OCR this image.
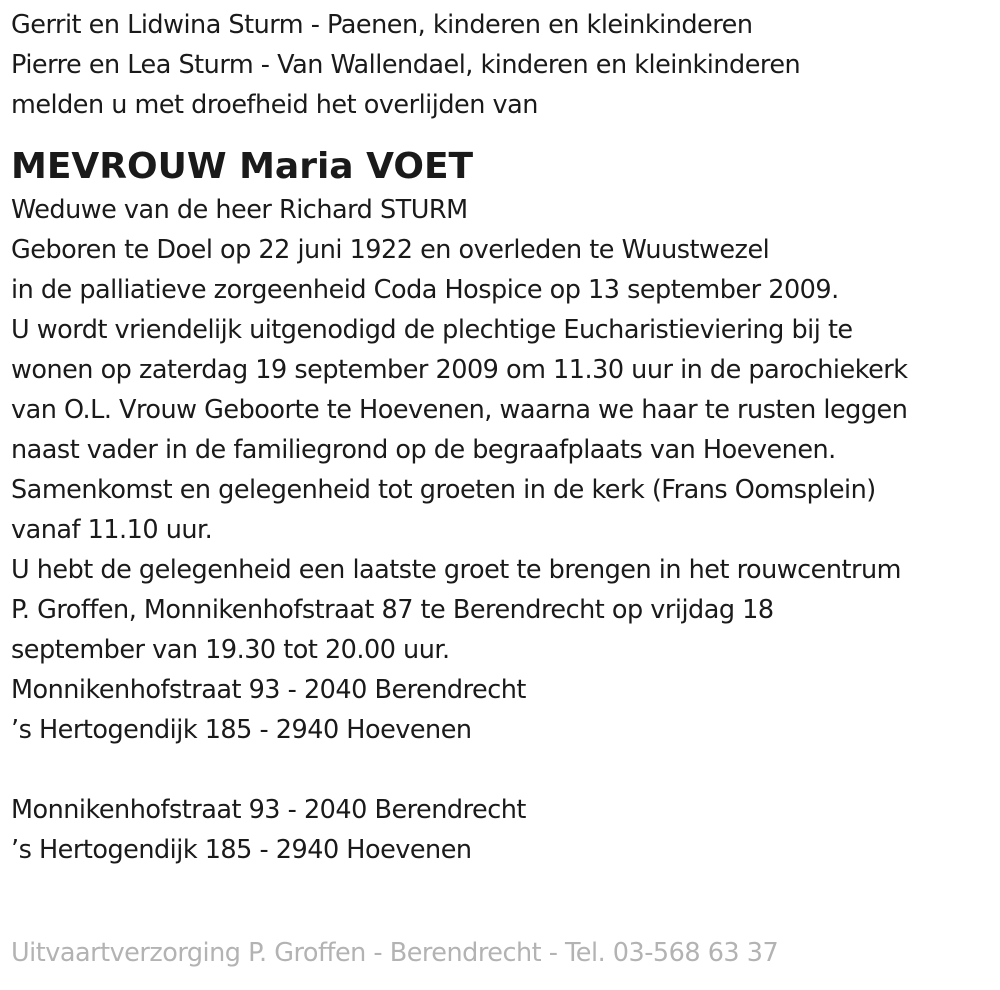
Gerrit en Lidwina Sturm - Paenen, kinderen en kleinkinderen
Pierre en Lea Sturm - Van Wallendael, kinderen en kleinkinderen
melden u met droefheid het overlijden van
MEVROUW Maria VOET
Weduwe van de heer Richard STURM
Geboren te Doel op 22 juni 1922 en overleden te Wuustwezel
in de palliatieve zorgeenheid Coda Hospice op 13 september 2009.
U wordt vriendelijk uitgenodigd de plechtige Eucharistieviering bij te
wonen op zaterdag 19 september 2009 om 11.30 uur in de parochiekerk
van O.L. Vrouw Geboorte te Hoevenen, waarna we haar te rusten leggen
naast vader in de familiegrond op de begraafplaats van Hoevenen.
Samenkomst en gelegenheid tot groeten in de kerk (Frans Oomsplein)
vanaf 11.10 uur.
U hebt de gelegenheid een laatste groet te brengen in het rouwcentrum
P. Groffen, Monnikenhofstraat 87 te Berendrecht op vrijdag 18
september van 19.30 tot 20.00 uur.
Monnikenhofstraat 93 - 2040 Berendrecht
’s Hertogendijk 185 - 2940 Hoevenen
Monnikenhofstraat 93 - 2040 Berendrecht
’s Hertogendijk 185 - 2940 Hoevenen
Uitvaartverzorging P. Groffen - Berendrecht - Tel. 03-568 63 37
